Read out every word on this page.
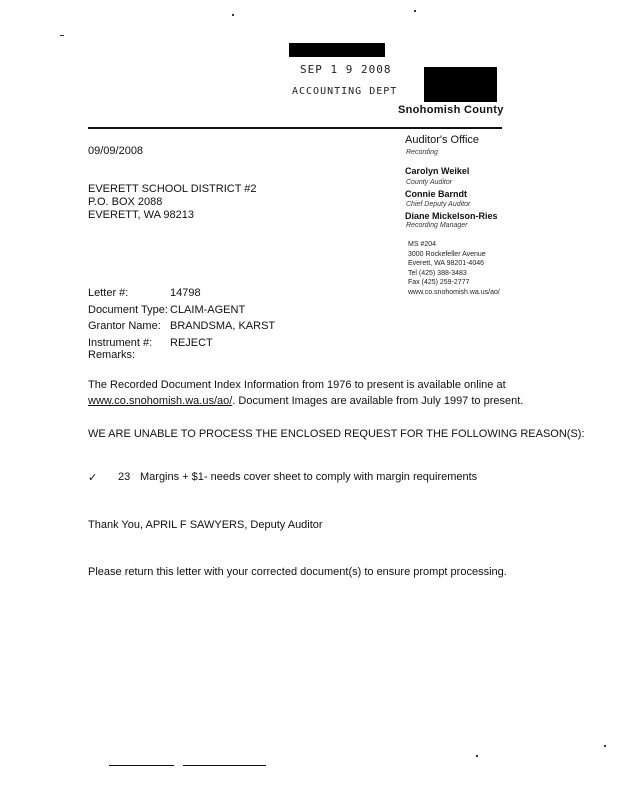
SEP 1 9 2008
ACCOUNTING DEPT
Snohomish County
Auditor's Office
Recording
Carolyn Weikel
County Auditor
Connie Barndt
Chief Deputy Auditor
Diane Mickelson-Ries
Recording Manager
MS #204
3000 Rockefeller Avenue
Everett, WA 98201-4046
Tel (425) 388-3483
Fax (425) 259-2777
www.co.snohomish.wa.us/ao/
09/09/2008
EVERETT SCHOOL DISTRICT #2
P.O. BOX 2088
EVERETT, WA 98213
Letter #:	14798
Document Type: CLAIM-AGENT
Grantor Name: BRANDSMA, KARST
Instrument #:	REJECT
Remarks:
The Recorded Document Index Information from 1976 to present is available online at
www.co.snohomish.wa.us/ao/. Document Images are available from July 1997 to present.
WE ARE UNABLE TO PROCESS THE ENCLOSED REQUEST FOR THE FOLLOWING REASON(S):
✓ 23 Margins + $1- needs cover sheet to comply with margin requirements
Thank You, APRIL F SAWYERS, Deputy Auditor
Please return this letter with your corrected document(s) to ensure prompt processing.
